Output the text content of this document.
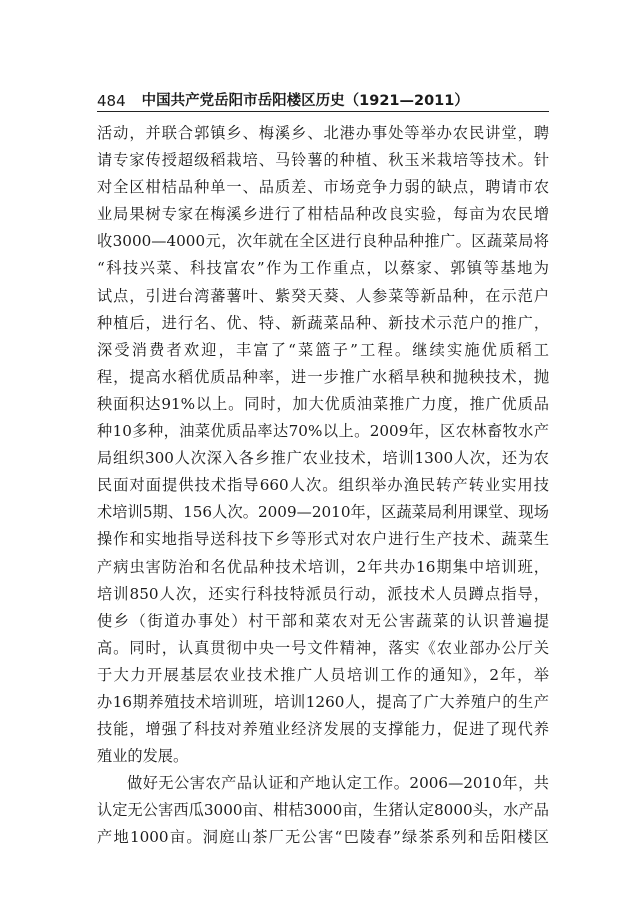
484 中国共产党岳阳市岳阳楼区历史（1921—2011）
活动，并联合郭镇乡、梅溪乡、北港办事处等举办农民讲堂，聘
请专家传授超级稻栽培、马铃薯的种植、秋玉米栽培等技术。针
对全区柑桔品种单一、品质差、市场竞争力弱的缺点，聘请市农
业局果树专家在梅溪乡进行了柑桔品种改良实验，每亩为农民增
收3000—4000元，次年就在全区进行良种品种推广。区蔬菜局将
“科技兴菜、科技富农”作为工作重点，以蔡家、郭镇等基地为
试点，引进台湾蕃薯叶、紫癸天葵、人参菜等新品种，在示范户
种植后，进行名、优、特、新蔬菜品种、新技术示范户的推广，
深受消费者欢迎，丰富了“菜篮子”工程。继续实施优质稻工
程，提高水稻优质品种率，进一步推广水稻旱秧和抛秧技术，抛
秧面积达91%以上。同时，加大优质油菜推广力度，推广优质品
种10多种，油菜优质品率达70%以上。2009年，区农林畜牧水产
局组织300人次深入各乡推广农业技术，培训1300人次，还为农
民面对面提供技术指导660人次。组织举办渔民转产转业实用技
术培训5期、156人次。2009—2010年，区蔬菜局利用课堂、现场
操作和实地指导送科技下乡等形式对农户进行生产技术、蔬菜生
产病虫害防治和名优品种技术培训，2年共办16期集中培训班，
培训850人次，还实行科技特派员行动，派技术人员蹲点指导，
使乡（街道办事处）村干部和菜农对无公害蔬菜的认识普遍提
高。同时，认真贯彻中央一号文件精神，落实《农业部办公厅关
于大力开展基层农业技术推广人员培训工作的通知》，2年，举
办16期养殖技术培训班，培训1260人，提高了广大养殖户的生产
技能，增强了科技对养殖业经济发展的支撑能力，促进了现代养
殖业的发展。
做好无公害农产品认证和产地认定工作。2006—2010年，共
认定无公害西瓜3000亩、柑桔3000亩，生猪认定8000头，水产品
产地1000亩。洞庭山茶厂无公害“巴陵春”绿茶系列和岳阳楼区
